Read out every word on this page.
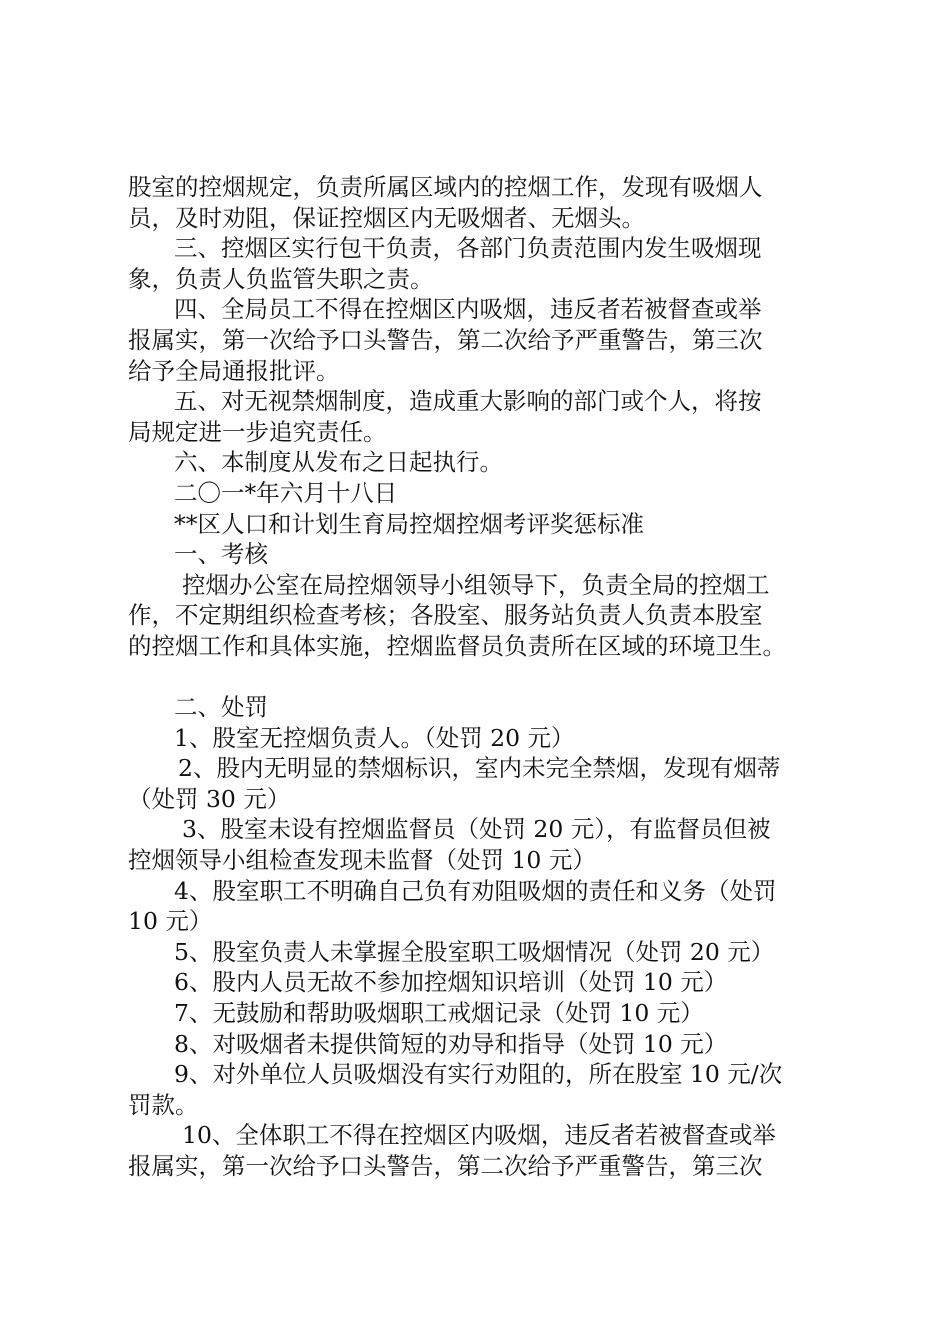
股室的控烟规定，负责所属区域内的控烟工作，发现有吸烟人
员，及时劝阻，保证控烟区内无吸烟者、无烟头。
三、控烟区实行包干负责，各部门负责范围内发生吸烟现
象，负责人负监管失职之责。
四、全局员工不得在控烟区内吸烟，违反者若被督查或举
报属实，第一次给予口头警告，第二次给予严重警告，第三次
给予全局通报批评。
五、对无视禁烟制度，造成重大影响的部门或个人，将按
局规定进一步追究责任。
六、本制度从发布之日起执行。
二〇一*年六月十八日
**区人口和计划生育局控烟控烟考评奖惩标准
一、考核
控烟办公室在局控烟领导小组领导下，负责全局的控烟工
作，不定期组织检查考核；各股室、服务站负责人负责本股室
的控烟工作和具体实施，控烟监督员负责所在区域的环境卫生。
二、处罚
1、股室无控烟负责人。（处罚 20 元）
2、股内无明显的禁烟标识，室内未完全禁烟，发现有烟蒂
（处罚 30 元）
3、股室未设有控烟监督员（处罚 20 元），有监督员但被
控烟领导小组检查发现未监督（处罚 10 元）
4、股室职工不明确自己负有劝阻吸烟的责任和义务（处罚
10 元）
5、股室负责人未掌握全股室职工吸烟情况（处罚 20 元）
6、股内人员无故不参加控烟知识培训（处罚 10 元）
7、无鼓励和帮助吸烟职工戒烟记录（处罚 10 元）
8、对吸烟者未提供简短的劝导和指导（处罚 10 元）
9、对外单位人员吸烟没有实行劝阻的，所在股室 10 元/次
罚款。
10、全体职工不得在控烟区内吸烟，违反者若被督查或举
报属实，第一次给予口头警告，第二次给予严重警告，第三次
